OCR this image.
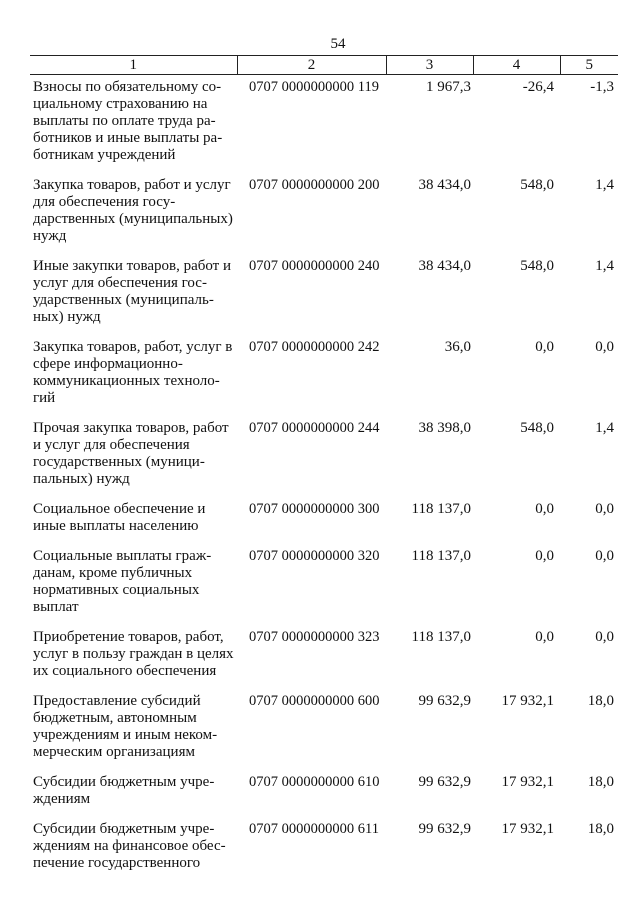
54
1	2	3	4	5
Взносы по обязательному социальному страхованию на выплаты по оплате труда работников и иные выплаты работникам учреждений	0707 0000000000 119	1 967,3	-26,4	-1,3
Закупка товаров, работ и услуг для обеспечения государственных (муниципальных) нужд	0707 0000000000 200	38 434,0	548,0	1,4
Иные закупки товаров, работ и услуг для обеспечения государственных (муниципальных) нужд	0707 0000000000 240	38 434,0	548,0	1,4
Закупка товаров, работ, услуг в сфере информационно-коммуникационных технологий	0707 0000000000 242	36,0	0,0	0,0
Прочая закупка товаров, работ и услуг для обеспечения государственных (муниципальных) нужд	0707 0000000000 244	38 398,0	548,0	1,4
Социальное обеспечение и иные выплаты населению	0707 0000000000 300	118 137,0	0,0	0,0
Социальные выплаты гражданам, кроме публичных нормативных социальных выплат	0707 0000000000 320	118 137,0	0,0	0,0
Приобретение товаров, работ, услуг в пользу граждан в целях их социального обеспечения	0707 0000000000 323	118 137,0	0,0	0,0
Предоставление субсидий бюджетным, автономным учреждениям и иным некоммерческим организациям	0707 0000000000 600	99 632,9	17 932,1	18,0
Субсидии бюджетным учреждениям	0707 0000000000 610	99 632,9	17 932,1	18,0
Субсидии бюджетным учреждениям на финансовое обеспечение государственного	0707 0000000000 611	99 632,9	17 932,1	18,0
